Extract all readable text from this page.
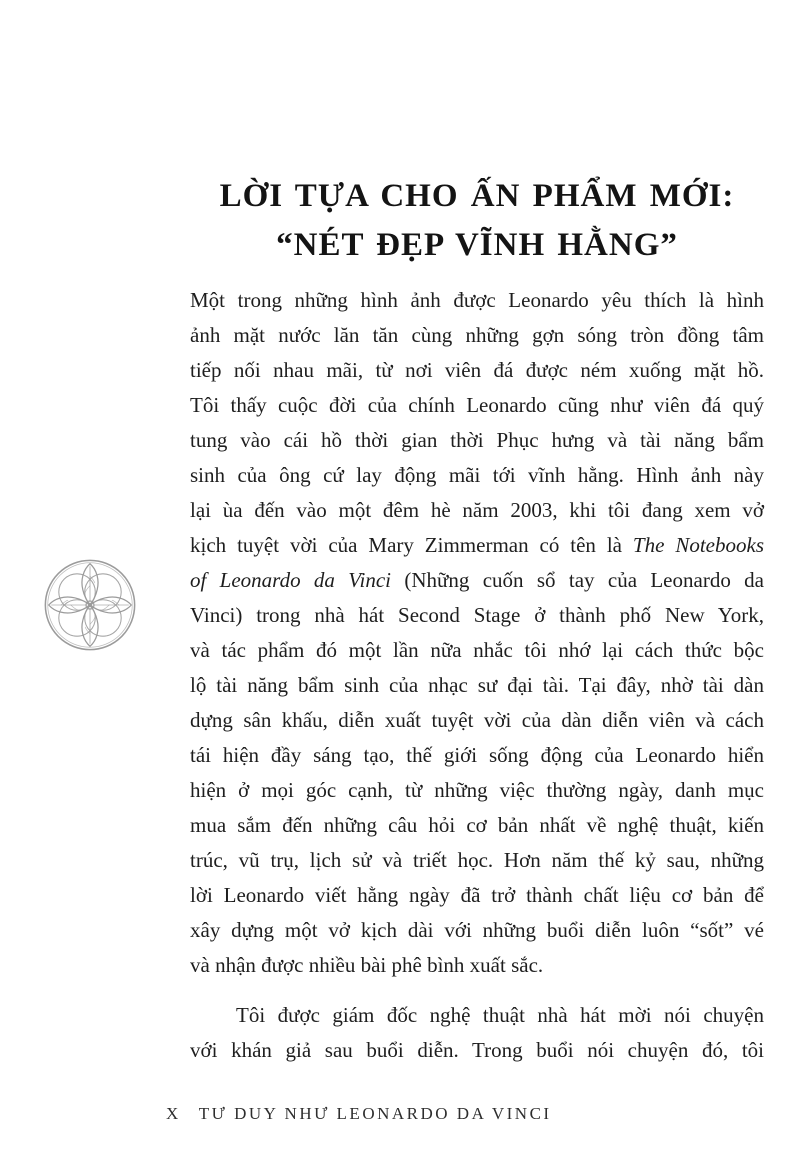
LỜI TỰA CHO ẤN PHẨM MỚI:
“NÉT ĐẸP VĨNH HẰNG”
Một trong những hình ảnh được Leonardo yêu thích là hình
ảnh mặt nước lăn tăn cùng những gợn sóng tròn đồng tâm
tiếp nối nhau mãi, từ nơi viên đá được ném xuống mặt hồ.
Tôi thấy cuộc đời của chính Leonardo cũng như viên đá quý
tung vào cái hồ thời gian thời Phục hưng và tài năng bẩm
sinh của ông cứ lay động mãi tới vĩnh hằng. Hình ảnh này
lại ùa đến vào một đêm hè năm 2003, khi tôi đang xem vở
kịch tuyệt vời của Mary Zimmerman có tên là The Notebooks
of Leonardo da Vinci (Những cuốn sổ tay của Leonardo da
Vinci) trong nhà hát Second Stage ở thành phố New York,
và tác phẩm đó một lần nữa nhắc tôi nhớ lại cách thức bộc
lộ tài năng bẩm sinh của nhạc sư đại tài. Tại đây, nhờ tài dàn
dựng sân khấu, diễn xuất tuyệt vời của dàn diễn viên và cách
tái hiện đầy sáng tạo, thế giới sống động của Leonardo hiển
hiện ở mọi góc cạnh, từ những việc thường ngày, danh mục
mua sắm đến những câu hỏi cơ bản nhất về nghệ thuật, kiến
trúc, vũ trụ, lịch sử và triết học. Hơn năm thế kỷ sau, những
lời Leonardo viết hằng ngày đã trở thành chất liệu cơ bản để
xây dựng một vở kịch dài với những buổi diễn luôn “sốt” vé
và nhận được nhiều bài phê bình xuất sắc.
Tôi được giám đốc nghệ thuật nhà hát mời nói chuyện
với khán giả sau buổi diễn. Trong buổi nói chuyện đó, tôi
X TƯ DUY NHƯ LEONARDO DA VINCI
